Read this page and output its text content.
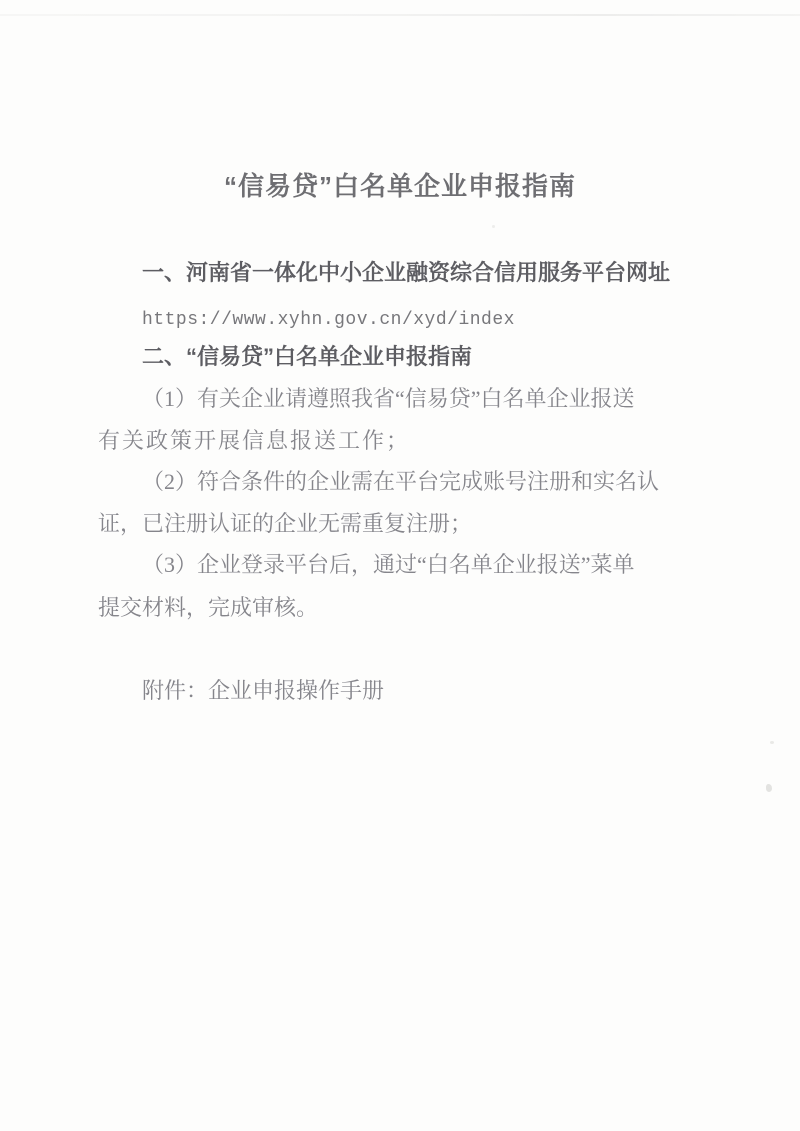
“信易贷”白名单企业申报指南
一、河南省一体化中小企业融资综合信用服务平台网址
https://www.xyhn.gov.cn/xyd/index
二、“信易贷”白名单企业申报指南
（1）有关企业请遵照我省“信易贷”白名单企业报送
有关政策开展信息报送工作；
（2）符合条件的企业需在平台完成账号注册和实名认
证，已注册认证的企业无需重复注册；
（3）企业登录平台后，通过“白名单企业报送”菜单
提交材料，完成审核。
附件：企业申报操作手册
